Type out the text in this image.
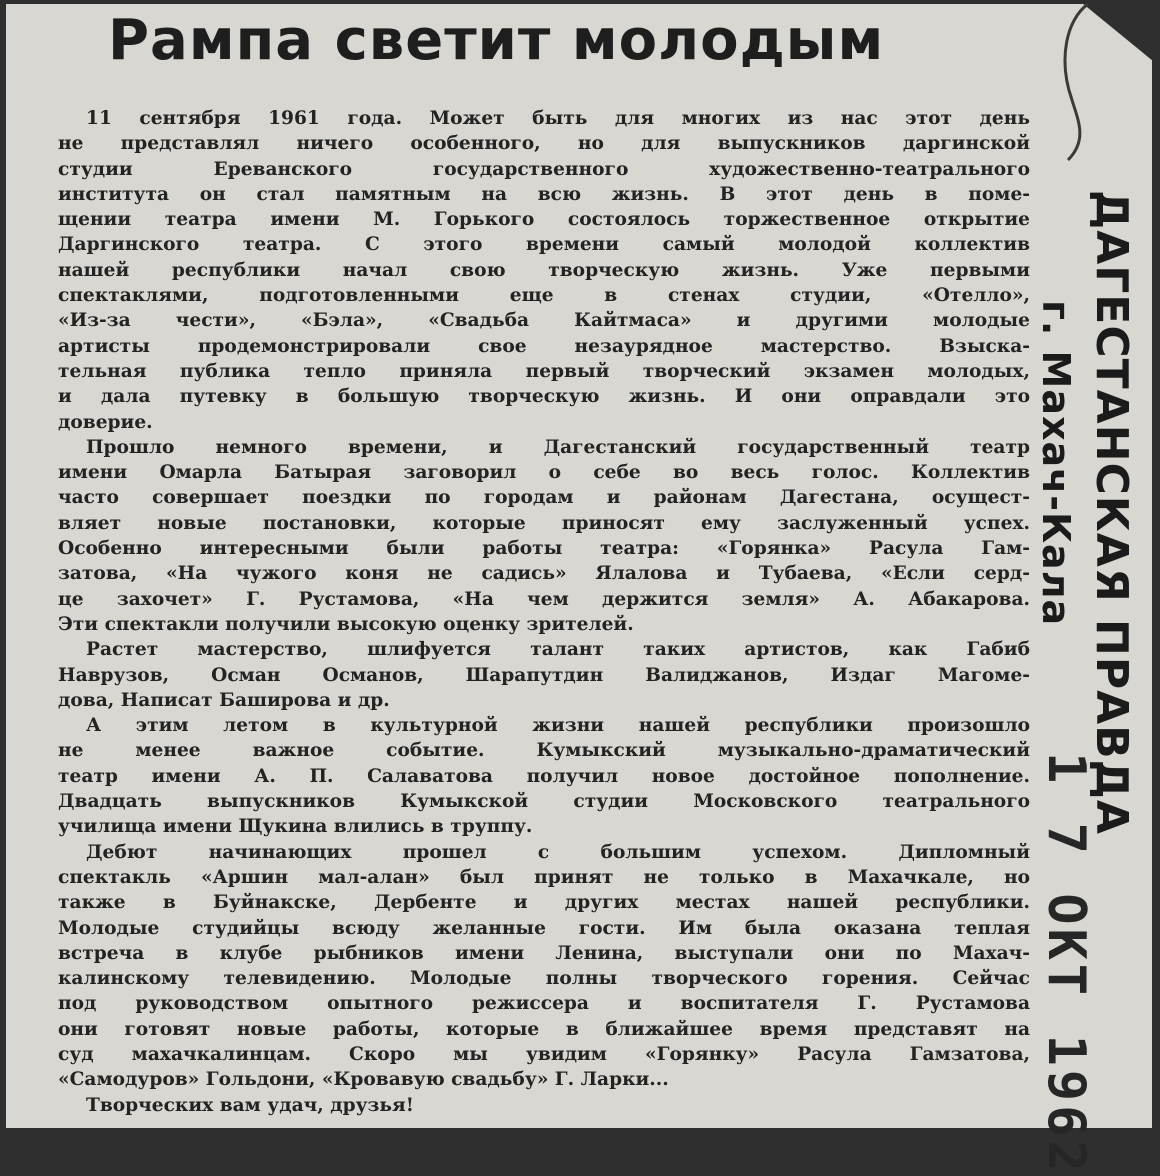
Рампа светит молодым
11 сентября 1961 года. Может быть для многих из нас этот день
не представлял ничего особенного, но для выпускников даргинской
студии Ереванского государственного художественно-театрального
института он стал памятным на всю жизнь. В этот день в поме-
щении театра имени М. Горького состоялось торжественное открытие
Даргинского театра. С этого времени самый молодой коллектив
нашей республики начал свою творческую жизнь. Уже первыми
спектаклями, подготовленными еще в стенах студии, «Отелло»,
«Из-за чести», «Бэла», «Свадьба Кайтмаса» и другими молодые
артисты продемонстрировали свое незаурядное мастерство. Взыска-
тельная публика тепло приняла первый творческий экзамен молодых,
и дала путевку в большую творческую жизнь. И они оправдали это
доверие.
Прошло немного времени, и Дагестанский государственный театр
имени Омарла Батырая заговорил о себе во весь голос. Коллектив
часто совершает поездки по городам и районам Дагестана, осущест-
вляет новые постановки, которые приносят ему заслуженный успех.
Особенно интересными были работы театра: «Горянка» Расула Гам-
затова, «На чужого коня не садись» Ялалова и Тубаева, «Если серд-
це захочет» Г. Рустамова, «На чем держится земля» А. Абакарова.
Эти спектакли получили высокую оценку зрителей.
Растет мастерство, шлифуется талант таких артистов, как Габиб
Наврузов, Осман Османов, Шарапутдин Валиджанов, Издаг Магоме-
дова, Написат Баширова и др.
А этим летом в культурной жизни нашей республики произошло
не менее важное событие. Кумыкский музыкально-драматический
театр имени А. П. Салаватова получил новое достойное пополнение.
Двадцать выпускников Кумыкской студии Московского театрального
училища имени Щукина влились в труппу.
Дебют начинающих прошел с большим успехом. Дипломный
спектакль «Аршин мал-алан» был принят не только в Махачкале, но
также в Буйнакске, Дербенте и других местах нашей республики.
Молодые студийцы всюду желанные гости. Им была оказана теплая
встреча в клубе рыбников имени Ленина, выступали они по Махач-
калинскому телевидению. Молодые полны творческого горения. Сейчас
под руководством опытного режиссера и воспитателя Г. Рустамова
они готовят новые работы, которые в ближайшее время представят на
суд махачкалинцам. Скоро мы увидим «Горянку» Расула Гамзатова,
«Самодуров» Гольдони, «Кровавую свадьбу» Г. Ларки...
Творческих вам удач, друзья!
ДАГЕСТАНСКАЯ ПРАВДА
г. Махач-Кала
1 7 ОКТ 1962
